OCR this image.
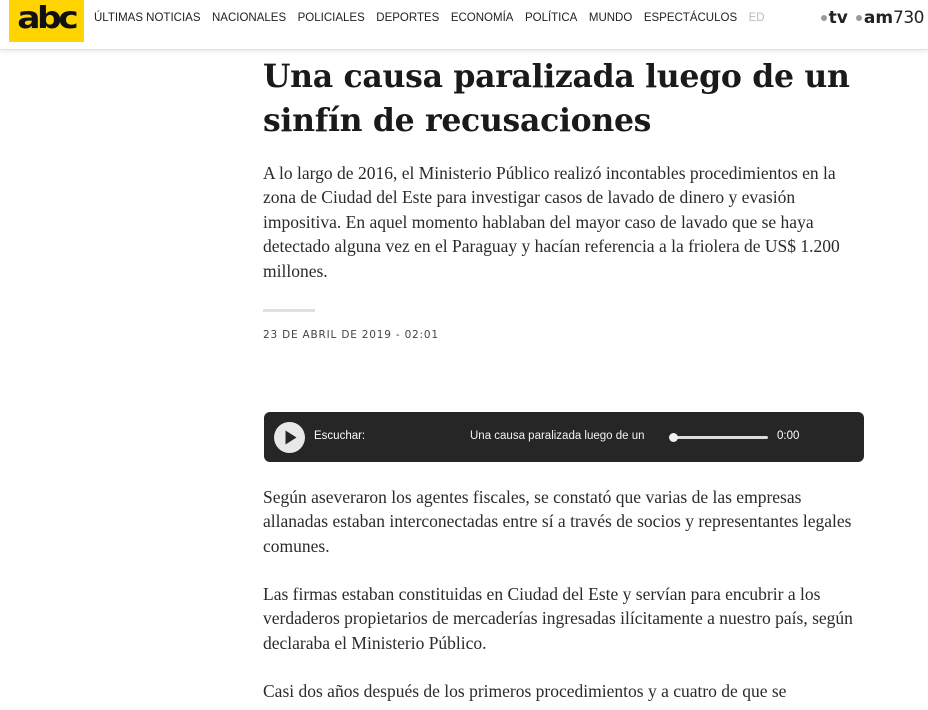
abc ÚLTIMAS NOTICIAS NACIONALES POLICIALES DEPORTES ECONOMÍA POLÍTICA MUNDO ESPECTÁCULOS ED	tv am 730
Una causa paralizada luego de un sinfín de recusaciones

A lo largo de 2016, el Ministerio Público realizó incontables procedimientos en la zona de Ciudad del Este para investigar casos de lavado de dinero y evasión impositiva. En aquel momento hablaban del mayor caso de lavado que se haya detectado alguna vez en el Paraguay y hacían referencia a la friolera de US$ 1.200 millones.

23 DE ABRIL DE 2019 - 02:01
Escuchar:	Una causa paralizada luego de un	0:00

Según aseveraron los agentes fiscales, se constató que varias de las empresas allanadas estaban interconectadas entre sí a través de socios y representantes legales comunes.

Las firmas estaban constituidas en Ciudad del Este y servían para encubrir a los verdaderos propietarios de mercaderías ingresadas ilícitamente a nuestro país, según declaraba el Ministerio Público.

Casi dos años después de los primeros procedimientos y a cuatro de que se
